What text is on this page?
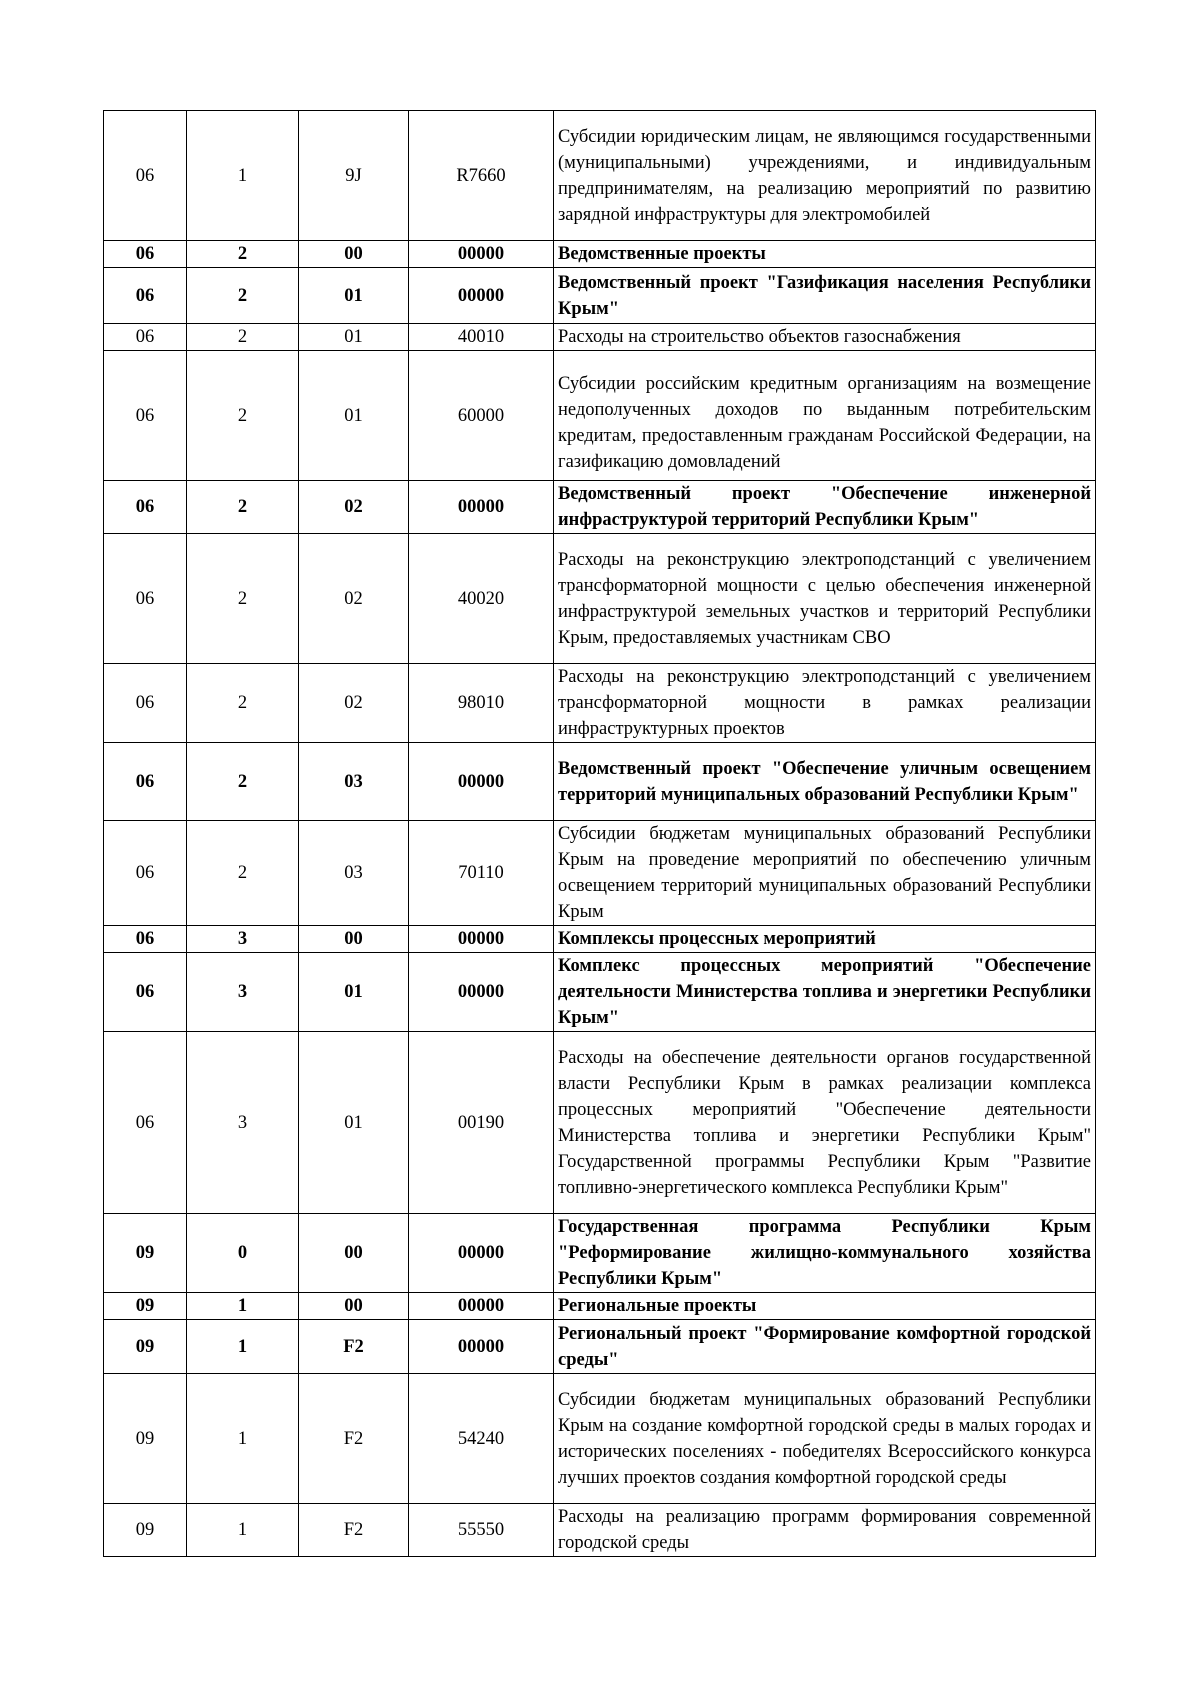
06	1	9J	R7660	Субсидии юридическим лицам, не являющимся государственными (муниципальными) учреждениями, и индивидуальным предпринимателям, на реализацию мероприятий по развитию зарядной инфраструктуры для электромобилей
06	2	00	00000	Ведомственные проекты
06	2	01	00000	Ведомственный проект "Газификация населения Республики Крым"
06	2	01	40010	Расходы на строительство объектов газоснабжения
06	2	01	60000	Субсидии российским кредитным организациям на возмещение недополученных доходов по выданным потребительским кредитам, предоставленным гражданам Российской Федерации, на газификацию домовладений
06	2	02	00000	Ведомственный проект "Обеспечение инженерной инфраструктурой территорий Республики Крым"
06	2	02	40020	Расходы на реконструкцию электроподстанций с увеличением трансформаторной мощности с целью обеспечения инженерной инфраструктурой земельных участков и территорий Республики Крым, предоставляемых участникам СВО
06	2	02	98010	Расходы на реконструкцию электроподстанций с увеличением трансформаторной мощности в рамках реализации инфраструктурных проектов
06	2	03	00000	Ведомственный проект "Обеспечение уличным освещением территорий муниципальных образований Республики Крым"
06	2	03	70110	Субсидии бюджетам муниципальных образований Республики Крым на проведение мероприятий по обеспечению уличным освещением территорий муниципальных образований Республики Крым
06	3	00	00000	Комплексы процессных мероприятий
06	3	01	00000	Комплекс процессных мероприятий "Обеспечение деятельности Министерства топлива и энергетики Республики Крым"
06	3	01	00190	Расходы на обеспечение деятельности органов государственной власти Республики Крым в рамках реализации комплекса процессных мероприятий "Обеспечение деятельности Министерства топлива и энергетики Республики Крым" Государственной программы Республики Крым "Развитие топливно-энергетического комплекса Республики Крым"
09	0	00	00000	Государственная программа Республики Крым "Реформирование жилищно-коммунального хозяйства Республики Крым"
09	1	00	00000	Региональные проекты
09	1	F2	00000	Региональный проект "Формирование комфортной городской среды"
09	1	F2	54240	Субсидии бюджетам муниципальных образований Республики Крым на создание комфортной городской среды в малых городах и исторических поселениях - победителях Всероссийского конкурса лучших проектов создания комфортной городской среды
09	1	F2	55550	Расходы на реализацию программ формирования современной городской среды
